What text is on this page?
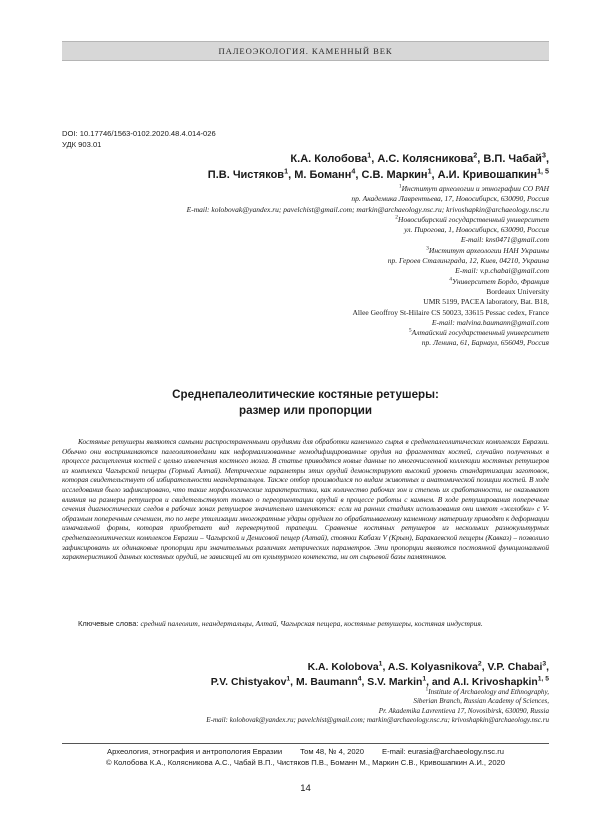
ПАЛЕОЭКОЛОГИЯ. КАМЕННЫЙ ВЕК
DOI: 10.17746/1563-0102.2020.48.4.014-026
УДК 903.01
К.А. Колобова$^1$, А.С. Колясникова$^2$, В.П. Чабай$^3$,
П.В. Чистяков$^1$, М. Боманн$^4$, С.В. Маркин$^1$, А.И. Кривошапкин$^{1, 5}$
$^1$Институт археологии и этнографии СО РАН
пр. Академика Лаврентьева, 17, Новосибирск, 630090, Россия
E-mail: kolobovak@yandex.ru; pavelchist@gmail.com; markin@archaeology.nsc.ru; krivoshapkin@archaeology.nsc.ru
$^2$Новосибирский государственный университет
ул. Пирогова, 1, Новосибирск, 630090, Россия
E-mail: kns0471@gmail.com
$^3$Институт археологии НАН Украины
пр. Героев Сталинграда, 12, Киев, 04210, Украина
E-mail: v.p.chabai@gmail.com
$^4$Университет Бордо, Франция
Bordeaux University
UMR 5199, PACEA laboratory, Bat. B18,
Allee Geoffroy St-Hilaire CS 50023, 33615 Pessac cedex, France
E-mail: malvina.baumann@gmail.com
$^5$Алтайский государственный университет
пр. Ленина, 61, Барнаул, 656049, Россия
Среднепалеолитические костяные ретушеры:
размер или пропорции
Костяные ретушеры являются самыми распространенными орудиями для обработки каменного сырья в среднепалеолитических комплексах Евразии. Обычно они воспринимаются палеолитоведами как неформализованные немодифицированные орудия на фрагментах костей, случайно полученных в процессе расщепления костей с целью извлечения костного мозга. В статье приводятся новые данные по многочисленной коллекции костяных ретушеров из комплекса Чагырской пещеры (Горный Алтай). Метрические параметры этих орудий демонстрируют высокий уровень стандартизации заготовок, которая свидетельствует об избирательности неандертальцев. Также отбор производился по видам животных и анатомической позиции костей. В ходе исследования было зафиксировано, что такие морфологические характеристики, как количество рабочих зон и степень их сработанности, не оказывают влияния на размеры ретушеров и свидетельствуют только о переориентации орудий в процессе работы с камнем. В ходе ретуширования поперечные сечения диагностических следов в рабочих зонах ретушеров значительно изменяются: если на ранних стадиях использования они имеют «желобки» с V-образным поперечным сечением, то по мере утилизации многократные удары орудием по обрабатываемому каменному материалу приводят к деформации изначальной формы, которая приобретает вид перевернутой трапеции. Сравнение костяных ретушеров из нескольких разнокультурных среднепалеолитических комплексов Евразии – Чагырской и Денисовой пещер (Алтай), стоянки Кабази V (Крым), Баракаевской пещеры (Кавказ) – позволило зафиксировать их одинаковые пропорции при значительных различиях метрических параметров. Эти пропорции являются постоянной функциональной характеристикой данных костяных орудий, не зависящей ни от культурного контекста, ни от сырьевой базы памятников.
Ключевые слова: средний палеолит, неандертальцы, Алтай, Чагырская пещера, костяные ретушеры, костяная индустрия.
K.A. Kolobova$^1$, A.S. Kolyasnikova$^2$, V.P. Chabai$^3$,
P.V. Chistyakov$^1$, M. Baumann$^4$, S.V. Markin$^1$, and A.I. Krivoshapkin$^{1, 5}$
$^1$Institute of Archaeology and Ethnography,
Siberian Branch, Russian Academy of Sciences,
Pr. Akademika Lavrentieva 17, Novosibirsk, 630090, Russia
E-mail: kolobovak@yandex.ru; pavelchist@gmail.com; markin@archaeology.nsc.ru; krivoshapkin@archaeology.nsc.ru
Археология, этнография и антропология Евразии Том 48, № 4, 2020 E-mail: eurasia@archaeology.nsc.ru
© Колобова К.А., Колясникова А.С., Чабай В.П., Чистяков П.В., Боманн М., Маркин С.В., Кривошапкин А.И., 2020
14
